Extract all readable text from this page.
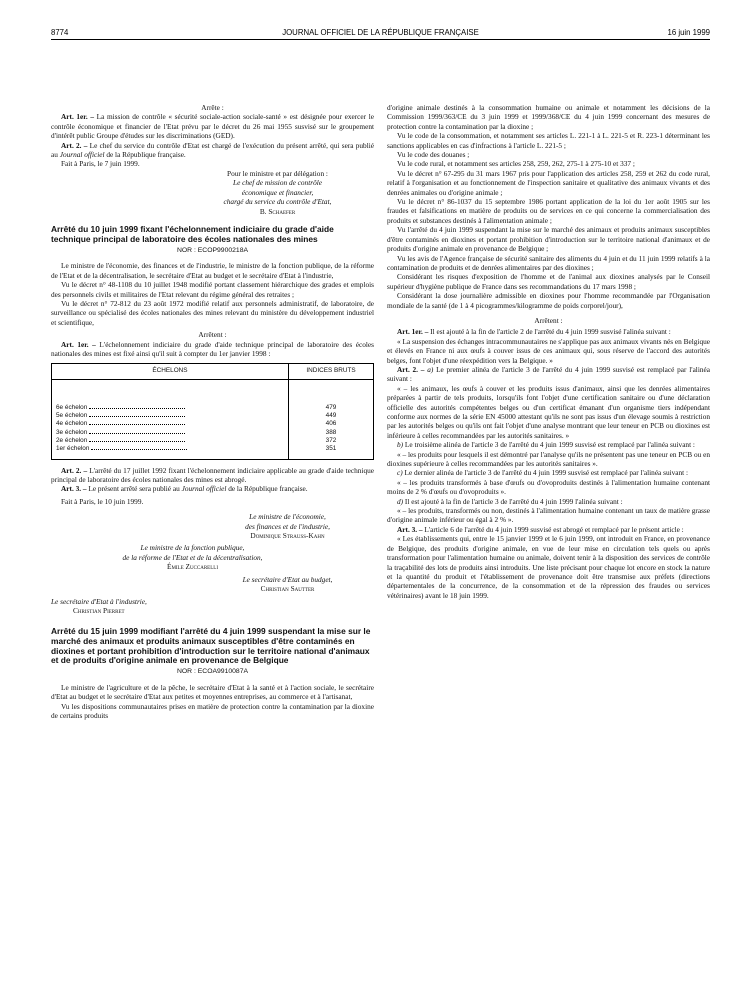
8774	JOURNAL OFFICIEL DE LA RÉPUBLIQUE FRANÇAISE	16 juin 1999

Arrête :

Art. 1er. – La mission de contrôle « sécurité sociale-action sociale-santé » est désignée pour exercer le contrôle économique et financier de l'Etat prévu par le décret du 26 mai 1955 susvisé sur le groupement d'intérêt public Groupe d'études sur les discriminations (GED).

Art. 2. – Le chef du service du contrôle d'Etat est chargé de l'exécution du présent arrêté, qui sera publié au Journal officiel de la République française.

Fait à Paris, le 7 juin 1999.

Pour le ministre et par délégation :
Le chef de mission de contrôle
économique et financier,
chargé du service du contrôle d'Etat,
B. Schaefer
Arrêté du 10 juin 1999 fixant l'échelonnement indiciaire du grade d'aide technique principal de laboratoire des écoles nationales des mines
NOR : ECOP9900218A

Le ministre de l'économie, des finances et de l'industrie, le ministre de la fonction publique, de la réforme de l'Etat et de la décentralisation, le secrétaire d'Etat au budget et le secrétaire d'Etat à l'industrie,

Vu le décret n° 48-1108 du 10 juillet 1948 modifié portant classement hiérarchique des grades et emplois des personnels civils et militaires de l'Etat relevant du régime général des retraites ;

Vu le décret n° 72-812 du 23 août 1972 modifié relatif aux personnels administratif, de laboratoire, de surveillance ou spécialisé des écoles nationales des mines relevant du ministère du développement industriel et scientifique,

Arrêtent :

Art. 1er. – L'échelonnement indiciaire du grade d'aide technique principal de laboratoire des écoles nationales des mines est fixé ainsi qu'il suit à compter du 1er janvier 1998 :

ÉCHELONS	INDICES BRUTS
6e échelon	479
5e échelon	449
4e échelon	406
3e échelon	388
2e échelon	372
1er échelon	351

Art. 2. – L'arrêté du 17 juillet 1992 fixant l'échelonnement indiciaire applicable au grade d'aide technique principal de laboratoire des écoles nationales des mines est abrogé.

Art. 3. – Le présent arrêté sera publié au Journal officiel de la République française.

Fait à Paris, le 10 juin 1999.

Le ministre de l'économie,
des finances et de l'industrie,
Dominique Strauss-Kahn
Le ministre de la fonction publique,
de la réforme de l'Etat et de la décentralisation,
Émile Zuccarelli
Le secrétaire d'Etat au budget,
Christian Sautter
Le secrétaire d'Etat à l'industrie,
Christian Pierret
Arrêté du 15 juin 1999 modifiant l'arrêté du 4 juin 1999 suspendant la mise sur le marché des animaux et produits animaux susceptibles d'être contaminés en dioxines et portant prohibition d'introduction sur le territoire national d'animaux et de produits d'origine animale en provenance de Belgique
NOR : ECOA9910087A

Le ministre de l'agriculture et de la pêche, le secrétaire d'Etat à la santé et à l'action sociale, le secrétaire d'Etat au budget et le secrétaire d'Etat aux petites et moyennes entreprises, au commerce et à l'artisanat,

Vu les dispositions communautaires prises en matière de protection contre la contamination par la dioxine de certains produits

d'origine animale destinés à la consommation humaine ou animale et notamment les décisions de la Commission 1999/363/CE du 3 juin 1999 et 1999/368/CE du 4 juin 1999 concernant des mesures de protection contre la contamination par la dioxine ;

Vu le code de la consommation, et notamment ses articles L. 221-1 à L. 221-5 et R. 223-1 déterminant les sanctions applicables en cas d'infractions à l'article L. 221-5 ;

Vu le code des douanes ;

Vu le code rural, et notamment ses articles 258, 259, 262, 275-1 à 275-10 et 337 ;

Vu le décret n° 67-295 du 31 mars 1967 pris pour l'application des articles 258, 259 et 262 du code rural, relatif à l'organisation et au fonctionnement de l'inspection sanitaire et qualitative des animaux vivants et des denrées animales ou d'origine animale ;

Vu le décret n° 86-1037 du 15 septembre 1986 portant application de la loi du 1er août 1905 sur les fraudes et falsifications en matière de produits ou de services en ce qui concerne la commercialisation des produits et substances destinés à l'alimentation animale ;

Vu l'arrêté du 4 juin 1999 suspendant la mise sur le marché des animaux et produits animaux susceptibles d'être contaminés en dioxines et portant prohibition d'introduction sur le territoire national d'animaux et de produits d'origine animale en provenance de Belgique ;

Vu les avis de l'Agence française de sécurité sanitaire des aliments du 4 juin et du 11 juin 1999 relatifs à la contamination de produits et de denrées alimentaires par des dioxines ;

Considérant les risques d'exposition de l'homme et de l'animal aux dioxines analysés par le Conseil supérieur d'hygiène publique de France dans ses recommandations du 17 mars 1998 ;

Considérant la dose journalière admissible en dioxines pour l'homme recommandée par l'Organisation mondiale de la santé (de 1 à 4 picogrammes/kilogramme de poids corporel/jour),

Arrêtent :

Art. 1er. – Il est ajouté à la fin de l'article 2 de l'arrêté du 4 juin 1999 susvisé l'alinéa suivant :

« La suspension des échanges intracommunautaires ne s'applique pas aux animaux vivants nés en Belgique et élevés en France ni aux œufs à couver issus de ces animaux qui, sous réserve de l'accord des autorités belges, font l'objet d'une réexpédition vers la Belgique. »

Art. 2. – a) Le premier alinéa de l'article 3 de l'arrêté du 4 juin 1999 susvisé est remplacé par l'alinéa suivant :

« – les animaux, les œufs à couver et les produits issus d'animaux, ainsi que les denrées alimentaires préparées à partir de tels produits, lorsqu'ils font l'objet d'une certification sanitaire ou d'une déclaration officielle des autorités compétentes belges ou d'un certificat émanant d'un organisme tiers indépendant conforme aux normes de la série EN 45000 attestant qu'ils ne sont pas issus d'un élevage soumis à restriction par les autorités belges ou qu'ils ont fait l'objet d'une analyse montrant que leur teneur en PCB ou dioxines est inférieure à celles recommandées par les autorités sanitaires. »

b) Le troisième alinéa de l'article 3 de l'arrêté du 4 juin 1999 susvisé est remplacé par l'alinéa suivant :

« – les produits pour lesquels il est démontré par l'analyse qu'ils ne présentent pas une teneur en PCB ou en dioxines supérieure à celles recommandées par les autorités sanitaires ».

c) Le dernier alinéa de l'article 3 de l'arrêté du 4 juin 1999 susvisé est remplacé par l'alinéa suivant :

« – les produits transformés à base d'œufs ou d'ovoproduits destinés à l'alimentation humaine contenant moins de 2 % d'œufs ou d'ovoproduits ».

d) Il est ajouté à la fin de l'article 3 de l'arrêté du 4 juin 1999 l'alinéa suivant :

« – les produits, transformés ou non, destinés à l'alimentation humaine contenant un taux de matière grasse d'origine animale inférieur ou égal à 2 % ».

Art. 3. – L'article 6 de l'arrêté du 4 juin 1999 susvisé est abrogé et remplacé par le présent article :

« Les établissements qui, entre le 15 janvier 1999 et le 6 juin 1999, ont introduit en France, en provenance de Belgique, des produits d'origine animale, en vue de leur mise en circulation tels quels ou après transformation pour l'alimentation humaine ou animale, doivent tenir à la disposition des services de contrôle la traçabilité des lots de produits ainsi introduits. Une liste précisant pour chaque lot encore en stock la nature et la quantité du produit et l'établissement de provenance doit être transmise aux préfets (directions départementales de la concurrence, de la consommation et de la répression des fraudes ou services vétérinaires) avant le 18 juin 1999.
